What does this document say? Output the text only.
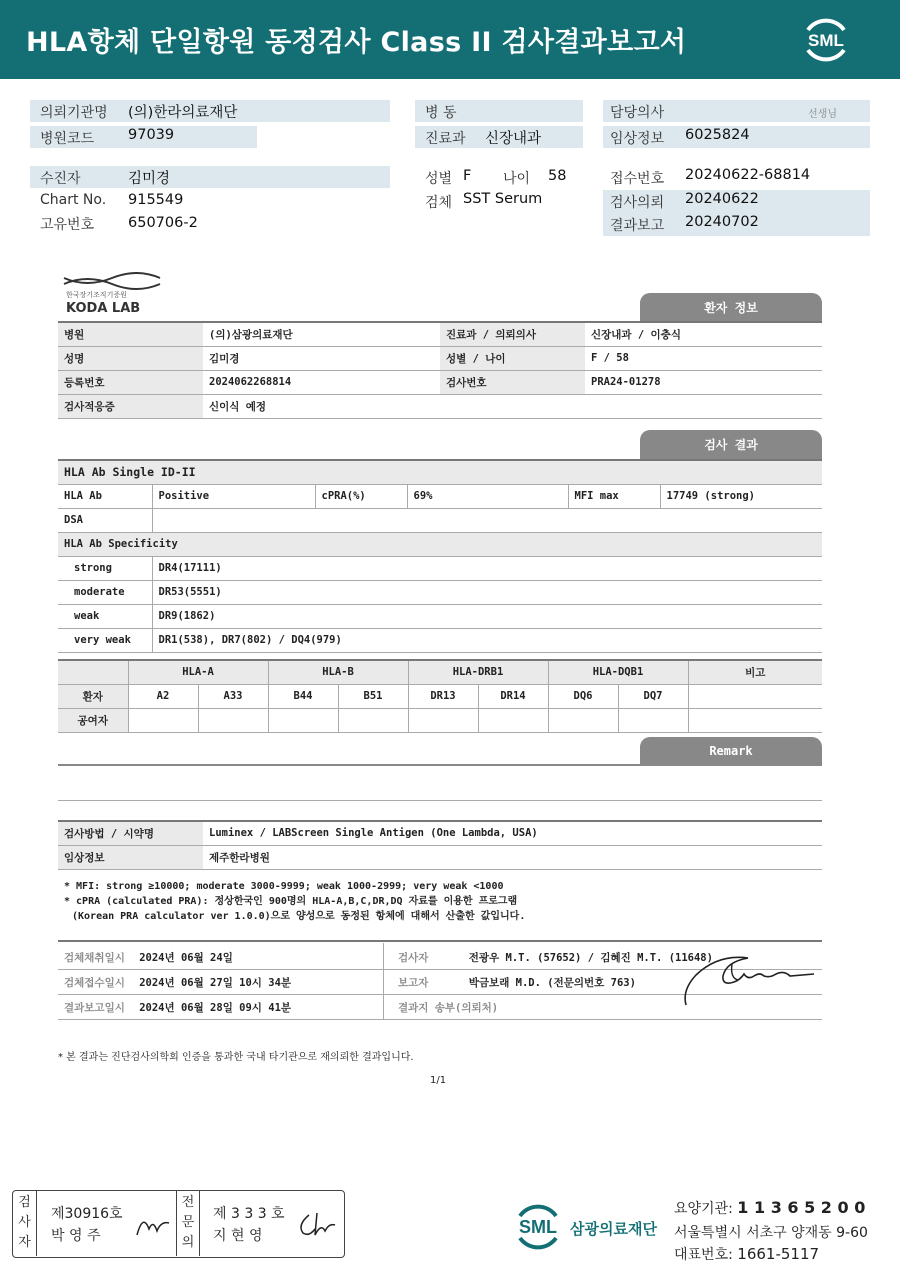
HLA항체 단일항원 동정검사 Class II 검사결과보고서	SML
의뢰기관명 (의)한라의료재단
병원코드 97039
병 동
진료과 신장내과
담당의사	선생님
임상정보 6025824
수진자	김미경
Chart No. 915549
고유번호 650706-2
성별 F 나이 58
검체 SST Serum
접수번호 20240622-68814
검사의뢰 20240622
결과보고 20240702
한국장기조직기증원
KODA LAB	환자 정보
병원	(의)삼광의료재단	진료과 / 의뢰의사	신장내과 / 이충식
성명	김미경	성별 / 나이	F / 58
등록번호	2024062268814	검사번호	PRA24-01278
검사적응증	신이식 예정		
검사 결과
HLA Ab Single ID-II					
HLA Ab	Positive	cPRA(%)	69%	MFI max	17749 (strong)
DSA					
HLA Ab Specificity					
strong	DR4(17111)				
moderate	DR53(5551)				
weak	DR9(1862)				
very weak	DR1(538), DR7(802) / DQ4(979)				
	HLA-A		HLA-B		HLA-DRB1		HLA-DQB1		비고
환자	A2	A33	B44	B51	DR13	DR14	DQ6	DQ7	
공여자									
Remark
검사방법 / 시약명	Luminex / LABScreen Single Antigen (One Lambda, USA)
임상정보	제주한라병원
* MFI: strong ≥10000; moderate 3000-9999; weak 1000-2999; very weak <1000
* cPRA (calculated PRA): 정상한국인 900명의 HLA-A,B,C,DR,DQ 자료를 이용한 프로그램
(Korean PRA calculator ver 1.0.0)으로 양성으로 동정된 항체에 대해서 산출한 값입니다.
검체채취일시 2024년 06월 24일
검체접수일시 2024년 06월 27일 10시 34분
결과보고일시 2024년 06월 28일 09시 41분
검사자	전광우 M.T. (57652) / 김혜진 M.T. (11648)
보고자	박금보래 M.D. (전문의번호 763)
결과지 송부(의뢰처)
* 본 결과는 진단검사의학회 인증을 통과한 국내 타기관으로 재의뢰한 결과입니다.
1/1
검
사
자
제30916호
박 영 주
전
문
의
제 3 3 3 호
지 현 영	SML 삼광의료재단
요양기관: 1 1 3 6 5 2 0 0
서울특별시 서초구 양재동 9-60
대표번호: 1661-5117
